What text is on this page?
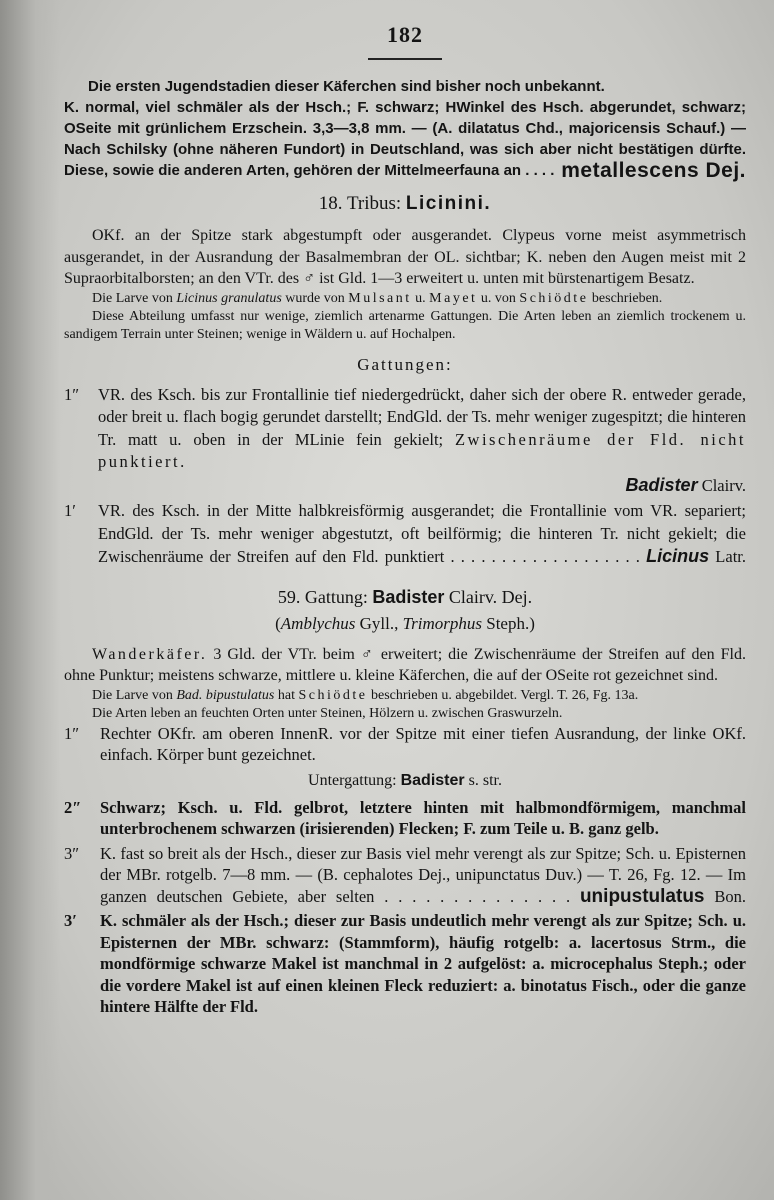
182

Die ersten Jugendstadien dieser Käferchen sind bisher noch unbekannt.

K. normal, viel schmäler als der Hsch.; F. schwarz; HWinkel des Hsch. abgerundet, schwarz; OSeite mit grünlichem Erzschein. 3,3—3,8 mm. — (A. dilatatus Chd., majoricensis Schauf.) — Nach Schilsky (ohne näheren Fundort) in Deutschland, was sich aber nicht bestätigen dürfte. Diese, sowie die anderen Arten, gehören der Mittelmeerfauna an . . . . metallescens Dej.

18. Tribus: Licinini.

OKf. an der Spitze stark abgestumpft oder ausgerandet. Clypeus vorne meist asymmetrisch ausgerandet, in der Ausrandung der Basalmembran der OL. sichtbar; K. neben den Augen meist mit 2 Supraorbitalborsten; an den VTr. des ♂ ist Gld. 1—3 erweitert u. unten mit bürstenartigem Besatz.

Die Larve von Licinus granulatus wurde von Mulsant u. Mayet u. von Schiödte beschrieben.

Diese Abteilung umfasst nur wenige, ziemlich artenarme Gattungen. Die Arten leben an ziemlich trockenem u. sandigem Terrain unter Steinen; wenige in Wäldern u. auf Hochalpen.

Gattungen:
1″	VR. des Ksch. bis zur Frontallinie tief niedergedrückt, daher sich der obere R. entweder gerade, oder breit u. flach bogig gerundet darstellt; EndGld. der Ts. mehr weniger zugespitzt; die hinteren Tr. matt u. oben in der MLinie fein gekielt; Zwischenräume der Fld. nicht punktiert.
Badister Clairv.
1′	VR. des Ksch. in der Mitte halbkreisförmig ausgerandet; die Frontallinie vom VR. separiert; EndGld. der Ts. mehr weniger abgestutzt, oft beilförmig; die hinteren Tr. nicht gekielt; die Zwischenräume der Streifen auf den Fld. punktiert . . . . . . . . . . . . . . . . . . . Licinus Latr.
59. Gattung: Badister Clairv. Dej.
(Amblychus Gyll., Trimorphus Steph.)

Wanderkäfer. 3 Gld. der VTr. beim ♂ erweitert; die Zwischenräume der Streifen auf den Fld. ohne Punktur; meistens schwarze, mittlere u. kleine Käferchen, die auf der OSeite rot gezeichnet sind.

Die Larve von Bad. bipustulatus hat Schiödte beschrieben u. abgebildet. Vergl. T. 26, Fg. 13a.

Die Arten leben an feuchten Orten unter Steinen, Hölzern u. zwischen Graswurzeln.

1″	Rechter OKfr. am oberen InnenR. vor der Spitze mit einer tiefen Ausrandung, der linke OKf. einfach. Körper bunt gezeichnet.
Untergattung: Badister s. str.
2″	Schwarz; Ksch. u. Fld. gelbrot, letztere hinten mit halbmondförmigem, manchmal unterbrochenem schwarzen (irisierenden) Flecken; F. zum Teile u. B. ganz gelb.
3″	K. fast so breit als der Hsch., dieser zur Basis viel mehr verengt als zur Spitze; Sch. u. Episternen der MBr. rotgelb. 7—8 mm. — (B. cephalotes Dej., unipunctatus Duv.) — T. 26, Fg. 12. — Im ganzen deutschen Gebiete, aber selten . . . . . . . . . . . . . . unipustulatus Bon.
3′	K. schmäler als der Hsch.; dieser zur Basis undeutlich mehr verengt als zur Spitze; Sch. u. Episternen der MBr. schwarz: (Stammform), häufig rotgelb: a. lacertosus Strm., die mondförmige schwarze Makel ist manchmal in 2 aufgelöst: a. microcephalus Steph.; oder die vordere Makel ist auf einen kleinen Fleck reduziert: a. binotatus Fisch., oder die ganze hintere Hälfte der Fld.
